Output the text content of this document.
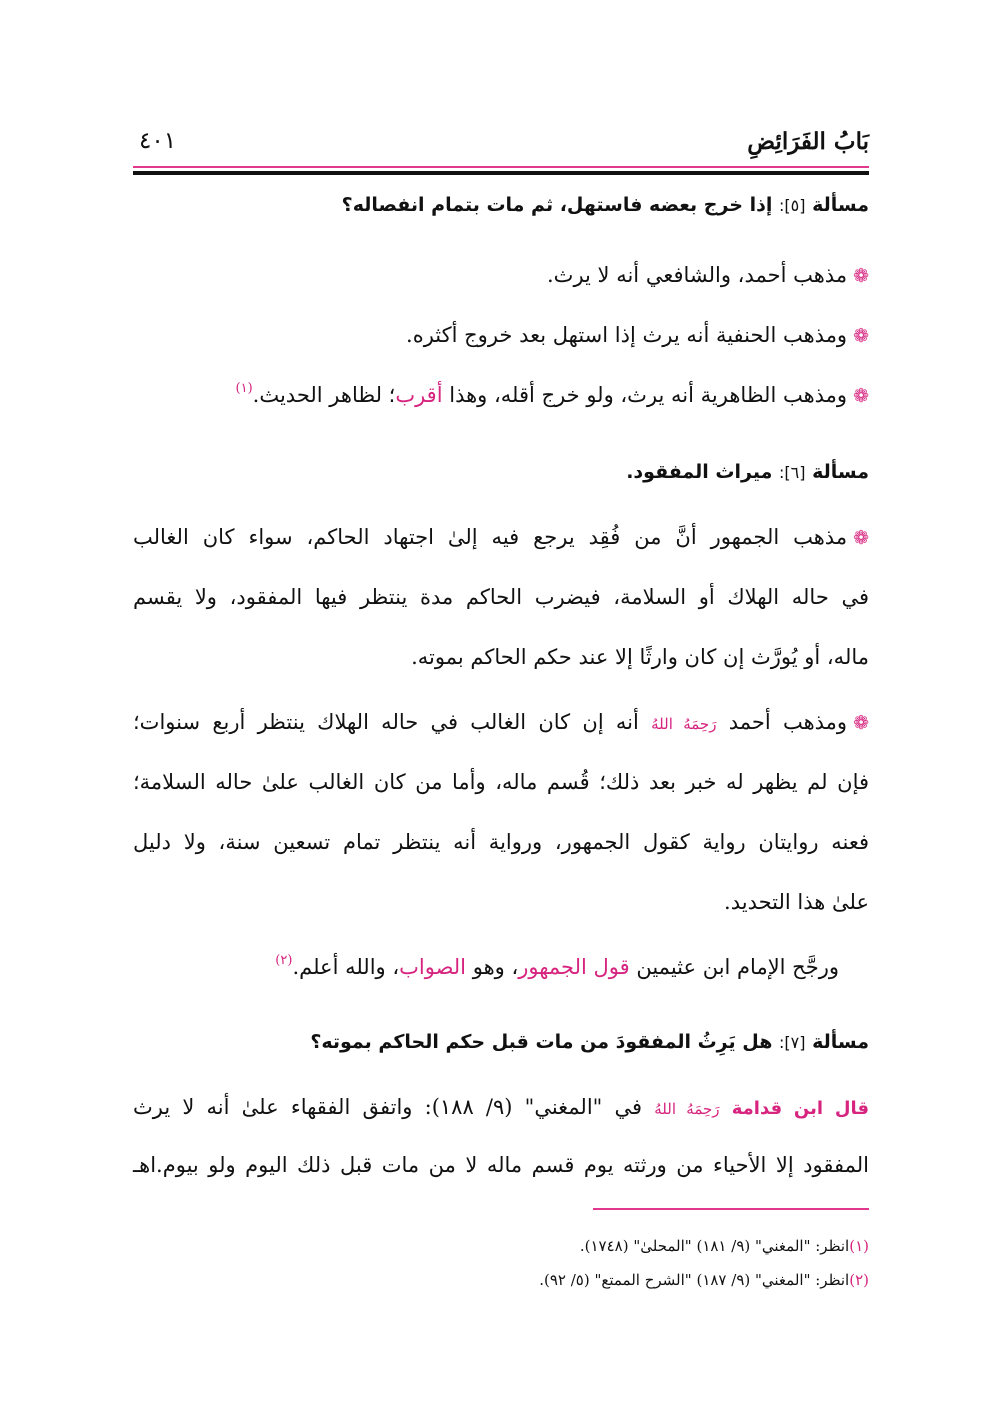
بَابُ الفَرَائِضِ
٤٠١
مسألة [٥]: إذا خرج بعضه فاستهل، ثم مات بتمام انفصاله؟
❁مذهب أحمد، والشافعي أنه لا يرث.
❁ومذهب الحنفية أنه يرث إذا استهل بعد خروج أكثره.
❁ومذهب الظاهرية أنه يرث، ولو خرج أقله، وهذا أقرب؛ لظاهر الحديث.$^{(١)}$
مسألة [٦]: ميراث المفقود.
❁مذهب الجمهور أنَّ من فُقِد يرجع فيه إلىٰ اجتهاد الحاكم، سواء كان الغالب
في حاله الهلاك أو السلامة، فيضرب الحاكم مدة ينتظر فيها المفقود، ولا يقسم
ماله، أو يُورَّث إن كان وارثًا إلا عند حكم الحاكم بموته.
❁ومذهب أحمد رَحِمَهُ اللهُ أنه إن كان الغالب في حاله الهلاك ينتظر أربع سنوات؛
فإن لم يظهر له خبر بعد ذلك؛ قُسم ماله، وأما من كان الغالب علىٰ حاله السلامة؛
فعنه روايتان رواية كقول الجمهور، ورواية أنه ينتظر تمام تسعين سنة، ولا دليل
علىٰ هذا التحديد.
ورجَّح الإمام ابن عثيمين قول الجمهور، وهو الصواب، والله أعلم.$^{(٢)}$
مسألة [٧]: هل يَرِثُ المفقودَ من مات قبل حكم الحاكم بموته؟
قال ابن قدامة رَحِمَهُ اللهُ في "المغني" (٩/ ١٨٨): واتفق الفقهاء علىٰ أنه لا يرث
المفقود إلا الأحياء من ورثته يوم قسم ماله لا من مات قبل ذلك اليوم ولو بيوم.اهـ
(١)انظر: "المغني" (٩/ ١٨١) "المحلىٰ" (١٧٤٨).
(٢)انظر: "المغني" (٩/ ١٨٧) "الشرح الممتع" (٥/ ٩٢).
